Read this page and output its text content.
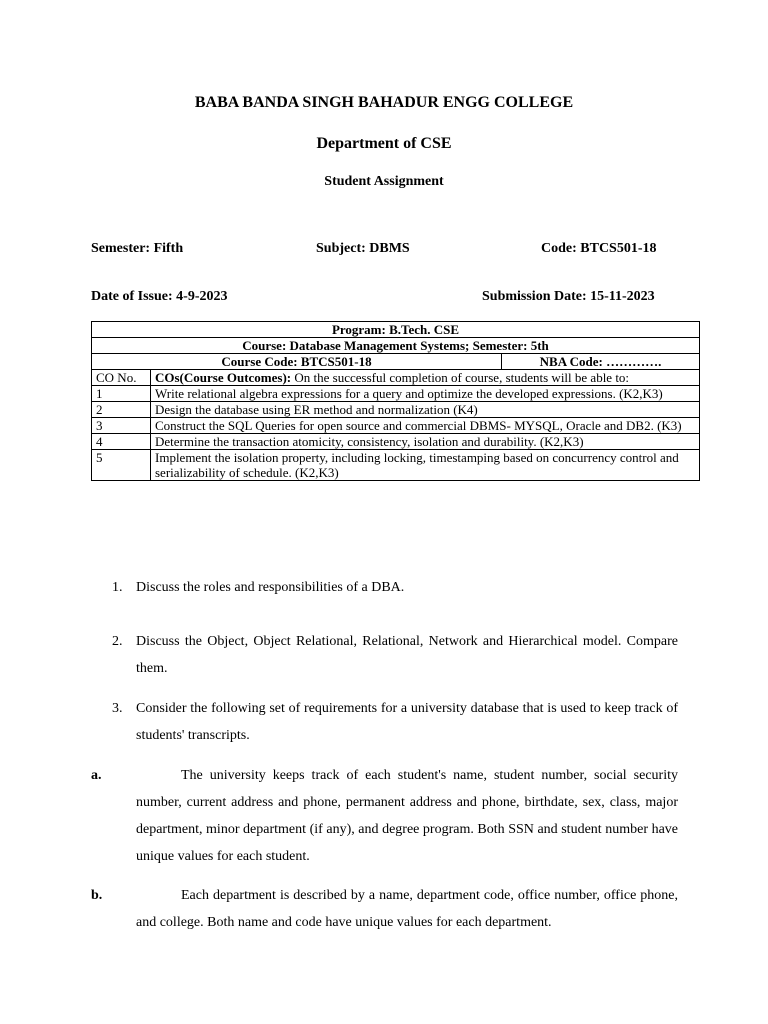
BABA BANDA SINGH BAHADUR ENGG COLLEGE
Department of CSE
Student Assignment
Semester: Fifth	Subject: DBMS	Code: BTCS501-18
Date of Issue: 4-9-2023	Submission Date: 15-11-2023
Program: B.Tech. CSE		
Course: Database Management Systems; Semester: 5th		
Course Code: BTCS501-18		NBA Code: ………….
CO No.	COs(Course Outcomes): On the successful completion of course, students will be able to:	
1	Write relational algebra expressions for a query and optimize the developed expressions. (K2,K3)	
2	Design the database using ER method and normalization (K4)	
3	Construct the SQL Queries for open source and commercial DBMS- MYSQL, Oracle and DB2. (K3)	
4	Determine the transaction atomicity, consistency, isolation and durability. (K2,K3)	
5	Implement the isolation property, including locking, timestamping based on concurrency control and serializability of schedule. (K2,K3)	
1. Discuss the roles and responsibilities of a DBA.
2. Discuss the Object, Object Relational, Relational, Network and Hierarchical model. Compare them.
3. Consider the following set of requirements for a university database that is used to keep track of students' transcripts.
a.	The university keeps track of each student's name, student number, social security number, current address and phone, permanent address and phone, birthdate, sex, class, major department, minor department (if any), and degree program. Both SSN and student number have unique values for each student.
b.	Each department is described by a name, department code, office number, office phone, and college. Both name and code have unique values for each department.
